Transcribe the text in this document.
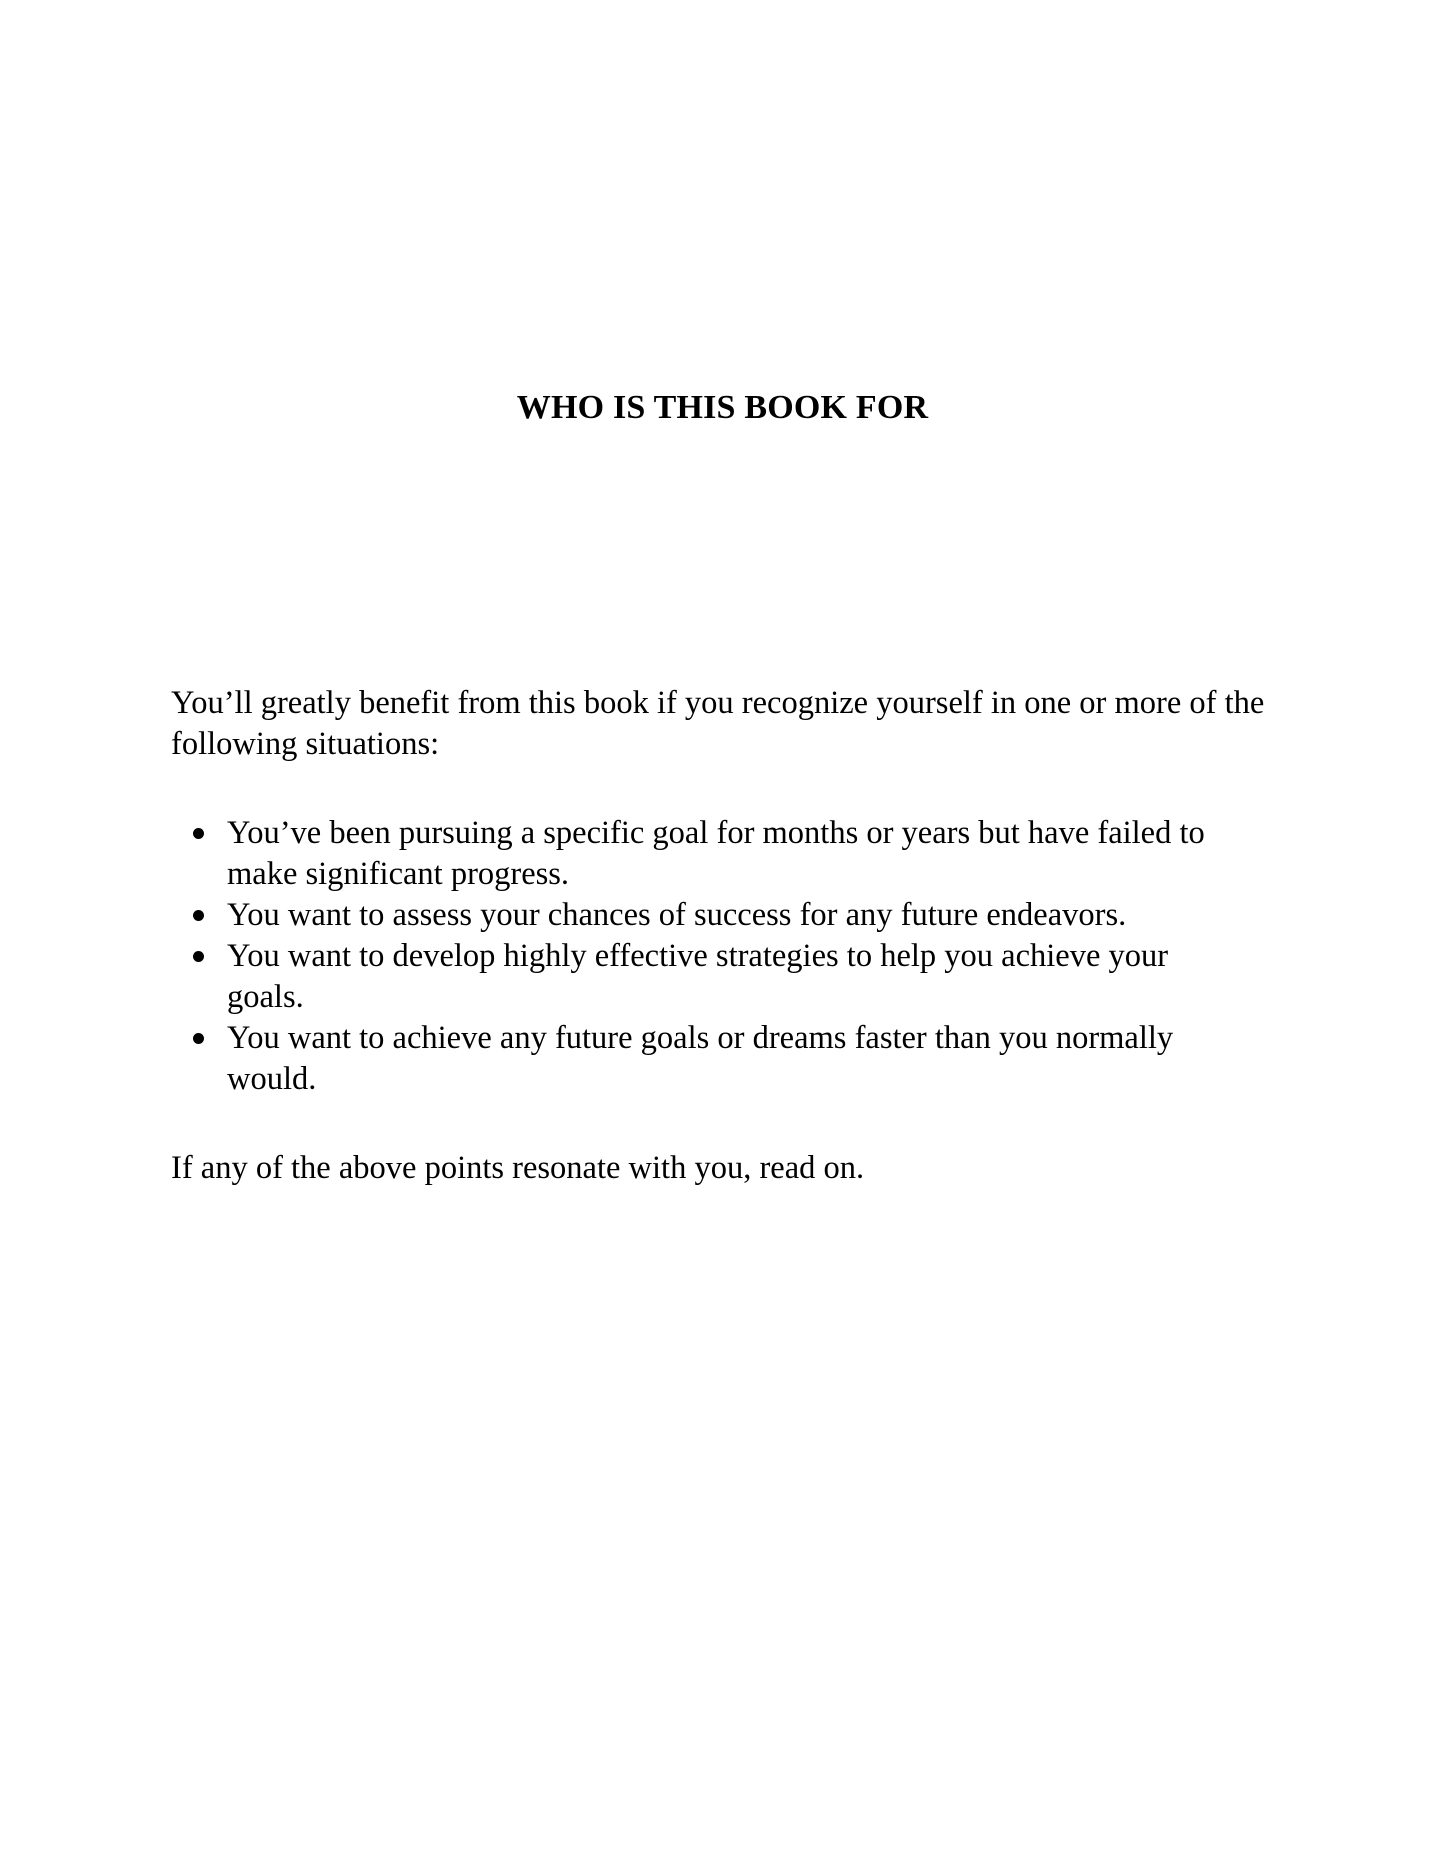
WHO IS THIS BOOK FOR

You’ll greatly benefit from this book if you recognize yourself in one or more of the following situations:

You’ve been pursuing a specific goal for months or years but have failed to make significant progress.
You want to assess your chances of success for any future endeavors.
You want to develop highly effective strategies to help you achieve your goals.
You want to achieve any future goals or dreams faster than you normally would.

If any of the above points resonate with you, read on.
